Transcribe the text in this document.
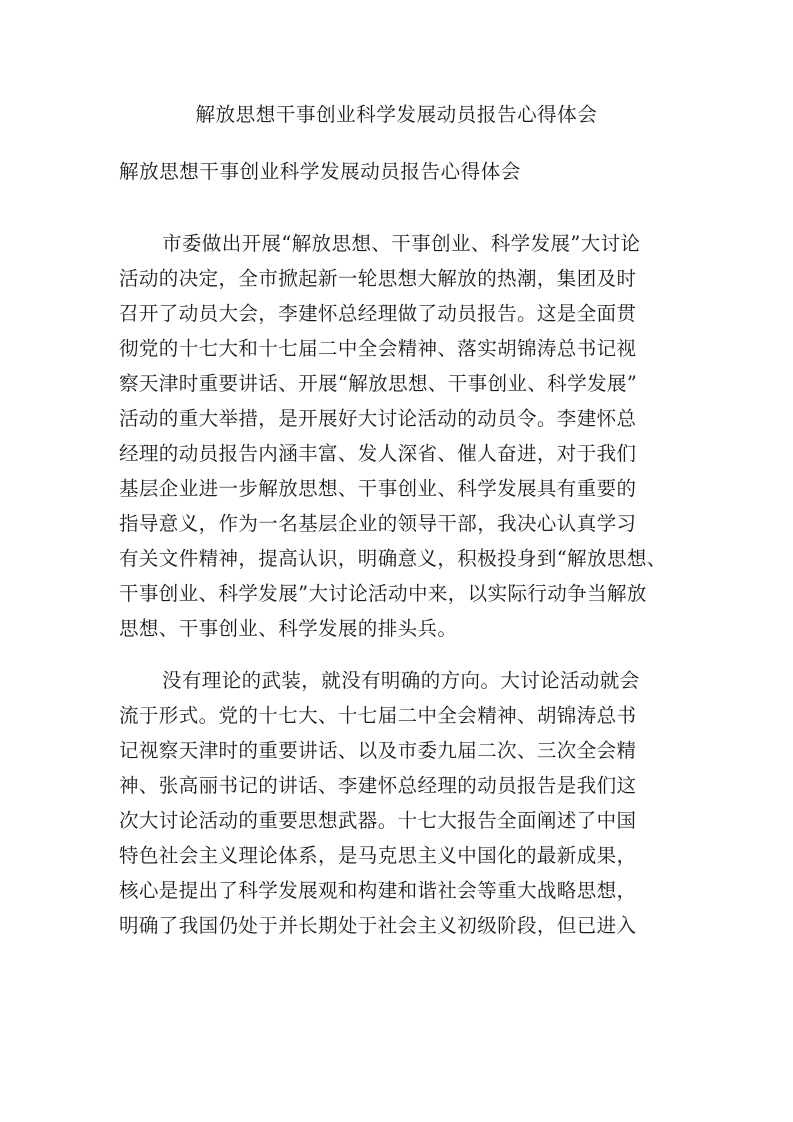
解放思想干事创业科学发展动员报告心得体会
解放思想干事创业科学发展动员报告心得体会
市委做出开展“解放思想、干事创业、科学发展”大讨论
活动的决定，全市掀起新一轮思想大解放的热潮，集团及时
召开了动员大会，李建怀总经理做了动员报告。这是全面贯
彻党的十七大和十七届二中全会精神、落实胡锦涛总书记视
察天津时重要讲话、开展“解放思想、干事创业、科学发展”
活动的重大举措，是开展好大讨论活动的动员令。李建怀总
经理的动员报告内涵丰富、发人深省、催人奋进，对于我们
基层企业进一步解放思想、干事创业、科学发展具有重要的
指导意义，作为一名基层企业的领导干部，我决心认真学习
有关文件精神，提高认识，明确意义，积极投身到“解放思想、
干事创业、科学发展”大讨论活动中来，以实际行动争当解放
思想、干事创业、科学发展的排头兵。
没有理论的武装，就没有明确的方向。大讨论活动就会
流于形式。党的十七大、十七届二中全会精神、胡锦涛总书
记视察天津时的重要讲话、以及市委九届二次、三次全会精
神、张高丽书记的讲话、李建怀总经理的动员报告是我们这
次大讨论活动的重要思想武器。十七大报告全面阐述了中国
特色社会主义理论体系，是马克思主义中国化的最新成果，
核心是提出了科学发展观和构建和谐社会等重大战略思想，
明确了我国仍处于并长期处于社会主义初级阶段，但已进入
